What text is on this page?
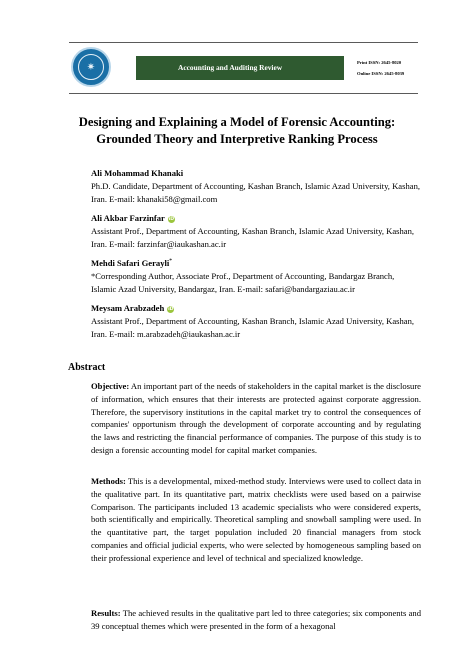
✷	Accounting and Auditing Review
Print ISSN: 2645-8020
Online ISSN: 2645-8039
Designing and Explaining a Model of Forensic Accounting: Grounded Theory and Interpretive Ranking Process
Ali Mohammad Khanaki
Ph.D. Candidate, Department of Accounting, Kashan Branch, Islamic Azad University, Kashan, Iran. E-mail: khanaki58@gmail.com
Ali Akbar Farzinfar iD
Assistant Prof., Department of Accounting, Kashan Branch, Islamic Azad University, Kashan, Iran. E-mail: farzinfar@iaukashan.ac.ir
Mehdi Safari Gerayli*
*Corresponding Author, Associate Prof., Department of Accounting, Bandargaz Branch, Islamic Azad University, Bandargaz, Iran. E-mail: safari@bandargaziau.ac.ir
Meysam Arabzadeh iD
Assistant Prof., Department of Accounting, Kashan Branch, Islamic Azad University, Kashan, Iran. E-mail: m.arabzadeh@iaukashan.ac.ir
Abstract
Objective: An important part of the needs of stakeholders in the capital market is the disclosure of information, which ensures that their interests are protected against corporate aggression. Therefore, the supervisory institutions in the capital market try to control the consequences of companies' opportunism through the development of corporate accounting and by regulating the laws and restricting the financial performance of companies. The purpose of this study is to design a forensic accounting model for capital market companies.
Methods: This is a developmental, mixed-method study. Interviews were used to collect data in the qualitative part. In its quantitative part, matrix checklists were used based on a pairwise Comparison. The participants included 13 academic specialists who were considered experts, both scientifically and empirically. Theoretical sampling and snowball sampling were used. In the quantitative part, the target population included 20 financial managers from stock companies and official judicial experts, who were selected by homogeneous sampling based on their professional experience and level of technical and specialized knowledge.
Results: The achieved results in the qualitative part led to three categories; six components and 39 conceptual themes which were presented in the form of a hexagonal
